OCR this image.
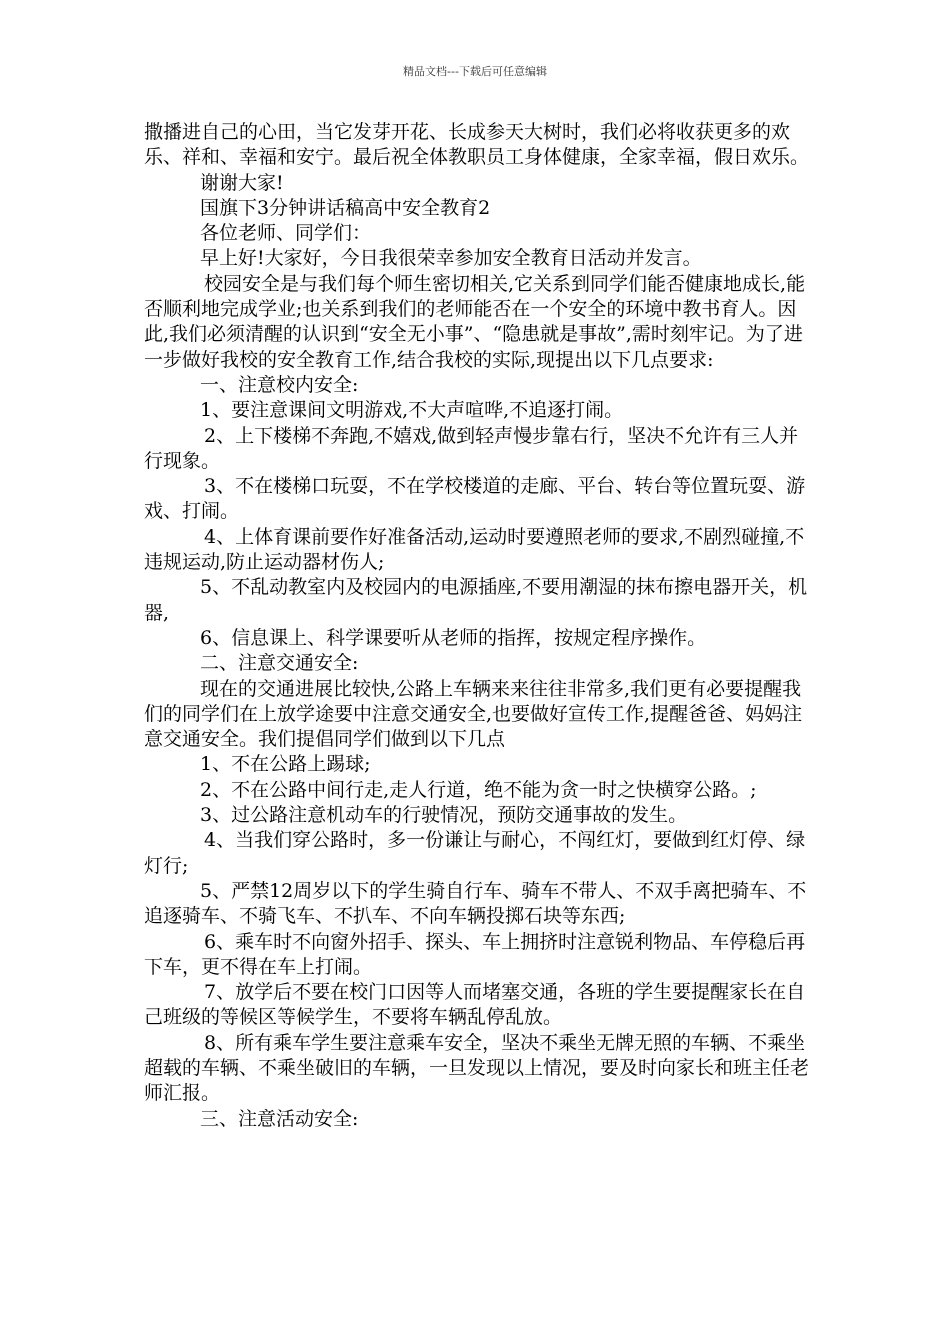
精品文档---下载后可任意编辑

撒播进自己的心田，当它发芽开花、长成参天大树时，我们必将收获更多的欢乐、祥和、幸福和安宁。最后祝全体教职员工身体健康，全家幸福，假日欢乐。

谢谢大家!

国旗下3分钟讲话稿高中安全教育2

各位老师、同学们：

早上好!大家好，今日我很荣幸参加安全教育日活动并发言。

校园安全是与我们每个师生密切相关,它关系到同学们能否健康地成长,能否顺利地完成学业;也关系到我们的老师能否在一个安全的环境中教书育人。因此,我们必须清醒的认识到“安全无小事”、“隐患就是事故”,需时刻牢记。为了进一步做好我校的安全教育工作,结合我校的实际,现提出以下几点要求:

一、注意校内安全:

1、要注意课间文明游戏,不大声喧哗,不追逐打闹。

2、上下楼梯不奔跑,不嬉戏,做到轻声慢步靠右行，坚决不允许有三人并行现象。

3、不在楼梯口玩耍，不在学校楼道的走廊、平台、转台等位置玩耍、游戏、打闹。

4、上体育课前要作好准备活动,运动时要遵照老师的要求,不剧烈碰撞,不违规运动,防止运动器材伤人;

5、不乱动教室内及校园内的电源插座,不要用潮湿的抹布擦电器开关，机器,

6、信息课上、科学课要听从老师的指挥，按规定程序操作。

二、注意交通安全:

现在的交通进展比较快,公路上车辆来来往往非常多,我们更有必要提醒我们的同学们在上放学途要中注意交通安全,也要做好宣传工作,提醒爸爸、妈妈注意交通安全。我们提倡同学们做到以下几点

1、不在公路上踢球;

2、不在公路中间行走,走人行道，绝不能为贪一时之快横穿公路。;

3、过公路注意机动车的行驶情况，预防交通事故的发生。

4、当我们穿公路时，多一份谦让与耐心，不闯红灯，要做到红灯停、绿灯行;

5、严禁12周岁以下的学生骑自行车、骑车不带人、不双手离把骑车、不追逐骑车、不骑飞车、不扒车、不向车辆投掷石块等东西;

6、乘车时不向窗外招手、探头、车上拥挤时注意锐利物品、车停稳后再下车，更不得在车上打闹。

7、放学后不要在校门口因等人而堵塞交通，各班的学生要提醒家长在自己班级的等候区等候学生，不要将车辆乱停乱放。

8、所有乘车学生要注意乘车安全，坚决不乘坐无牌无照的车辆、不乘坐超载的车辆、不乘坐破旧的车辆，一旦发现以上情况，要及时向家长和班主任老师汇报。

三、注意活动安全:
